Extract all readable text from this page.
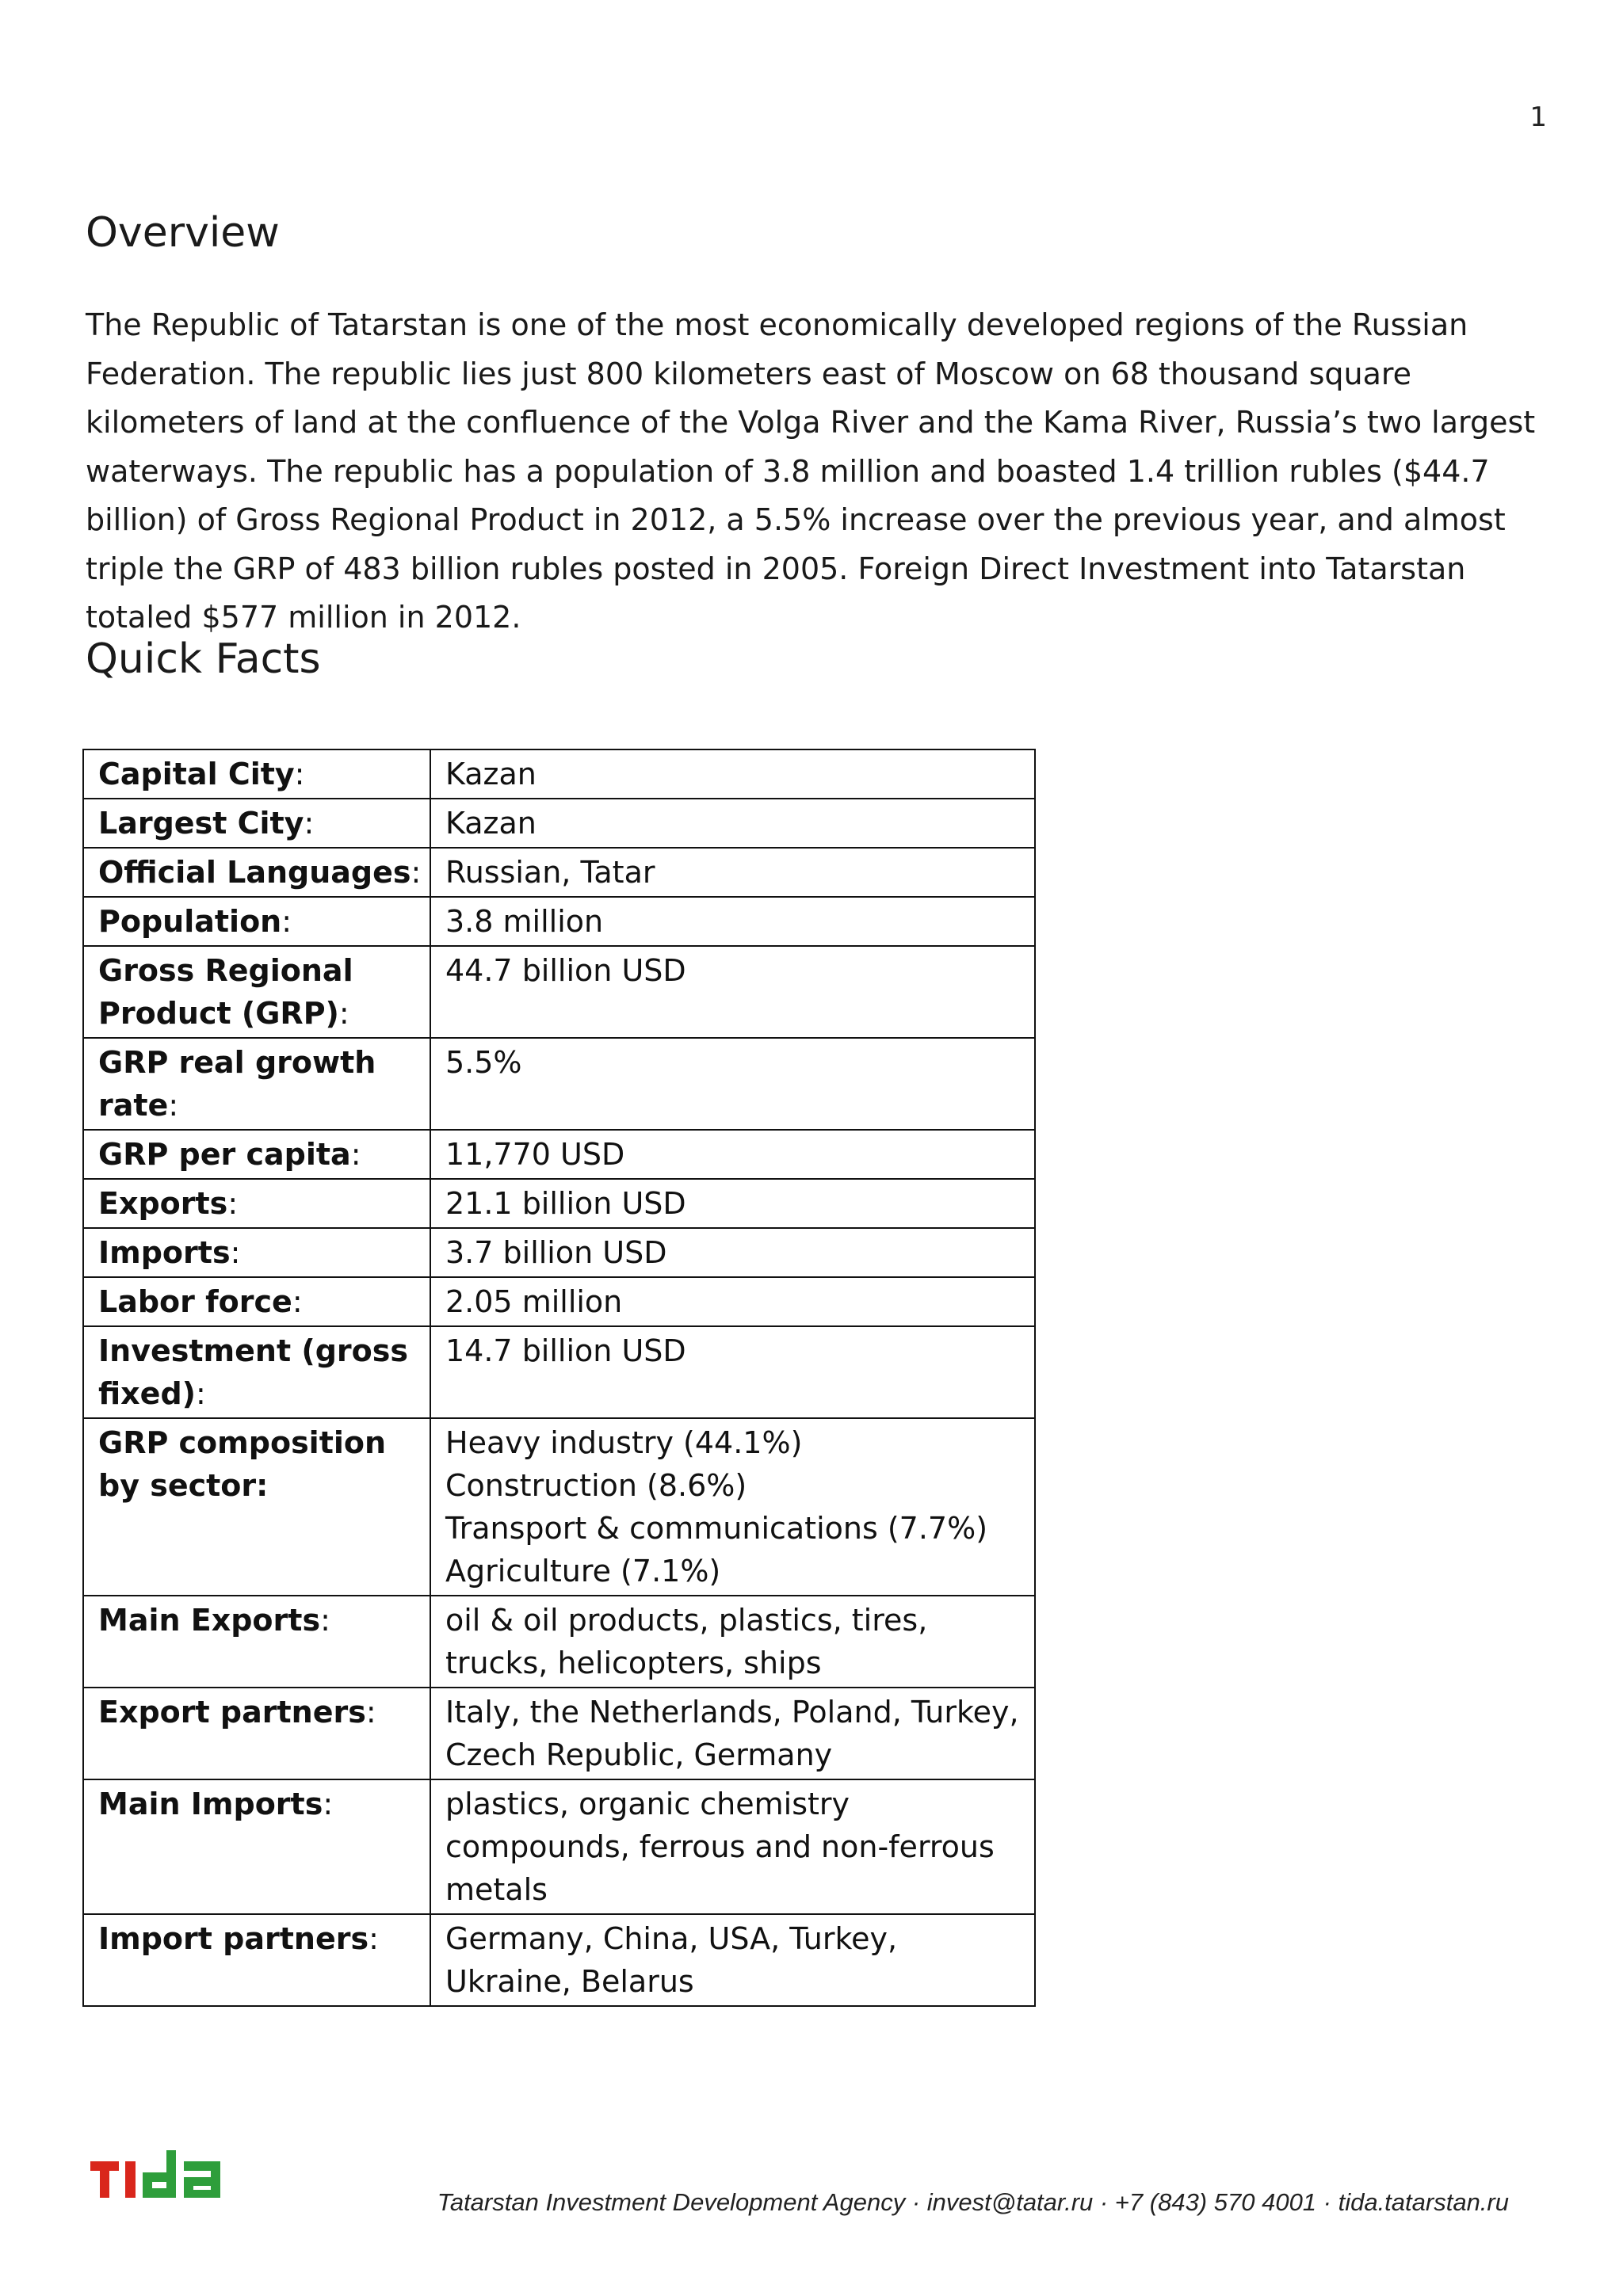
1
Overview

The Republic of Tatarstan is one of the most economically developed regions of the Russian Federation. The republic lies just 800 kilometers east of Moscow on 68 thousand square kilometers of land at the confluence of the Volga River and the Kama River, Russia’s two largest waterways. The republic has a population of 3.8 million and boasted 1.4 trillion rubles ($44.7 billion) of Gross Regional Product in 2012, a 5.5% increase over the previous year, and almost triple the GRP of 483 billion rubles posted in 2005. Foreign Direct Investment into Tatarstan totaled $577 million in 2012.

Quick Facts
Capital City:	Kazan
Largest City:	Kazan
Official Languages:	Russian, Tatar
Population:	3.8 million
Gross Regional Product (GRP):	44.7 billion USD
GRP real growth rate:	5.5%
GRP per capita:	11,770 USD
Exports:	21.1 billion USD
Imports:	3.7 billion USD
Labor force:	2.05 million
Investment (gross fixed):	14.7 billion USD
GRP composition by sector:	Heavy industry (44.1%)
Construction (8.6%)
Transport & communications (7.7%)
Agriculture (7.1%)

Main Exports:	oil & oil products, plastics, tires, trucks, helicopters, ships
Export partners:	Italy, the Netherlands, Poland, Turkey, Czech Republic, Germany
Main Imports:	plastics, organic chemistry compounds, ferrous and non-ferrous metals
Import partners:	Germany, China, USA, Turkey, Ukraine, Belarus
Tatarstan Investment Development Agency · invest@tatar.ru · +7 (843) 570 4001 · tida.tatarstan.ru
